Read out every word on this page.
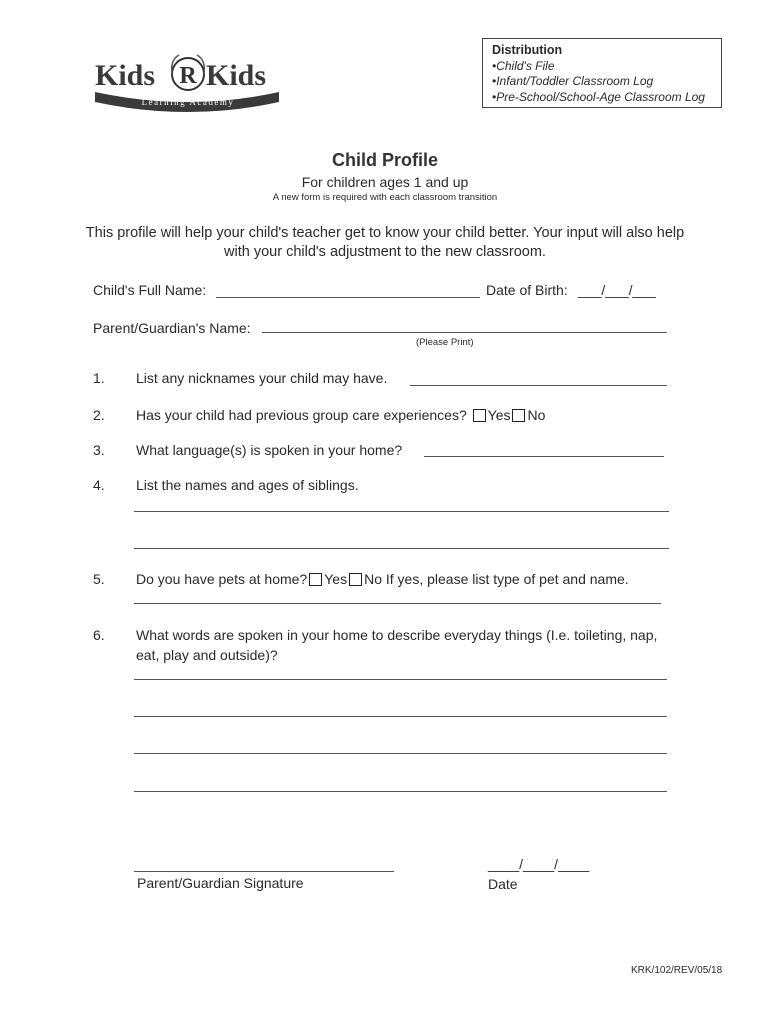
Kids R Kids
Learning Academy
Distribution
•Child's File
•Infant/Toddler Classroom Log
•Pre-School/School-Age Classroom Log
Child Profile
For children ages 1 and up
A new form is required with each classroom transition
This profile will help your child's teacher get to know your child better. Your input will also help with your child's adjustment to the new classroom.
Child's Full Name:	Date of Birth: ___/___/___
Parent/Guardian's Name:
(Please Print)
1. List any nicknames your child may have.
2. Has your child had previous group care experiences? Yes No
3. What language(s) is spoken in your home?
4. List the names and ages of siblings.
5. Do you have pets at home? Yes No If yes, please list type of pet and name.
6. What words are spoken in your home to describe everyday things (I.e. toileting, nap, eat, play and outside)?
Parent/Guardian Signature
____/____/____
Date
KRK/102/REV/05/18
